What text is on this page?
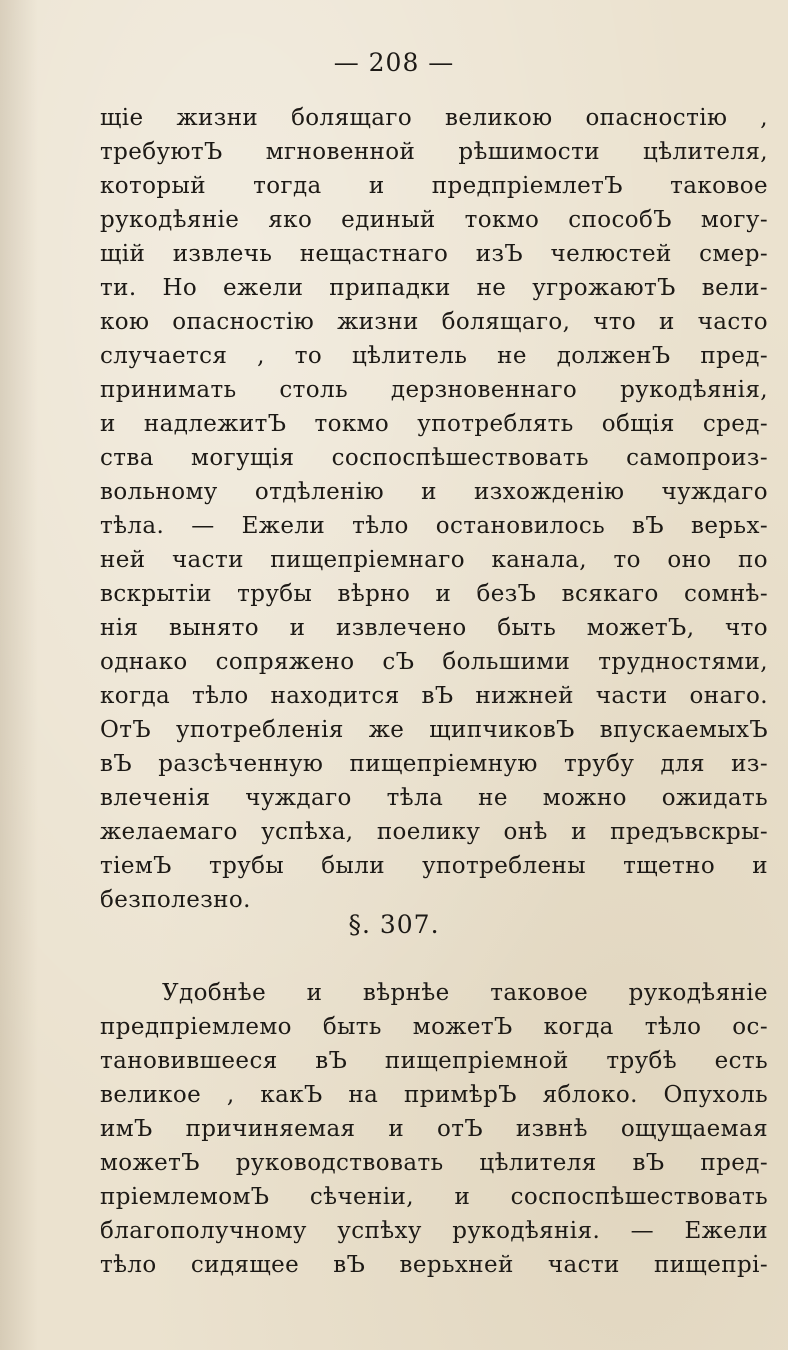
— 208 —
щіе жизни болящаго великою опасностію ,
требуютЪ мгновенной рѣшимости цѣлителя,
который тогда и предпріемлетЪ таковое
рукодѣяніе яко единый токмо способЪ могу-
щій извлечь нещастнаго изЪ челюстей смер-
ти. Но ежели припадки не угрожаютЪ вели-
кою опасностію жизни болящаго, что и часто
случается , то цѣлитель не долженЪ пред-
принимать столь дерзновеннаго рукодѣянія,
и надлежитЪ токмо употреблять общія сред-
ства могущія соспоспѣшествовать самопроиз-
вольному отдѣленію и изхожденію чуждаго
тѣла. — Ежели тѣло остановилось вЪ верьх-
ней части пищепріемнаго канала, то оно по
вскрытіи трубы вѣрно и безЪ всякаго сомнѣ-
нія вынято и извлечено быть можетЪ, что
однако сопряжено сЪ большими трудностями,
когда тѣло находится вЪ нижней части онаго.
ОтЪ употребленія же щипчиковЪ впускаемыхЪ
вЪ разсѣченную пищепріемную трубу для из-
влеченія чуждаго тѣла не можно ожидать
желаемаго успѣха, поелику онѣ и предъвскры-
тіемЪ трубы были употреблены тщетно и
безполезно.
§. 307.
Удобнѣе и вѣрнѣе таковое рукодѣяніе
предпріемлемо быть можетЪ когда тѣло ос-
тановившееся вЪ пищепріемной трубѣ есть
великое , какЪ на примѣрЪ яблоко. Опухоль
имЪ причиняемая и отЪ извнѣ ощущаемая
можетЪ руководствовать цѣлителя вЪ пред-
пріемлемомЪ сѣченіи, и соспоспѣшествовать
благополучному успѣху рукодѣянія. — Ежели
тѣло сидящее вЪ верьхней части пищепрі-
